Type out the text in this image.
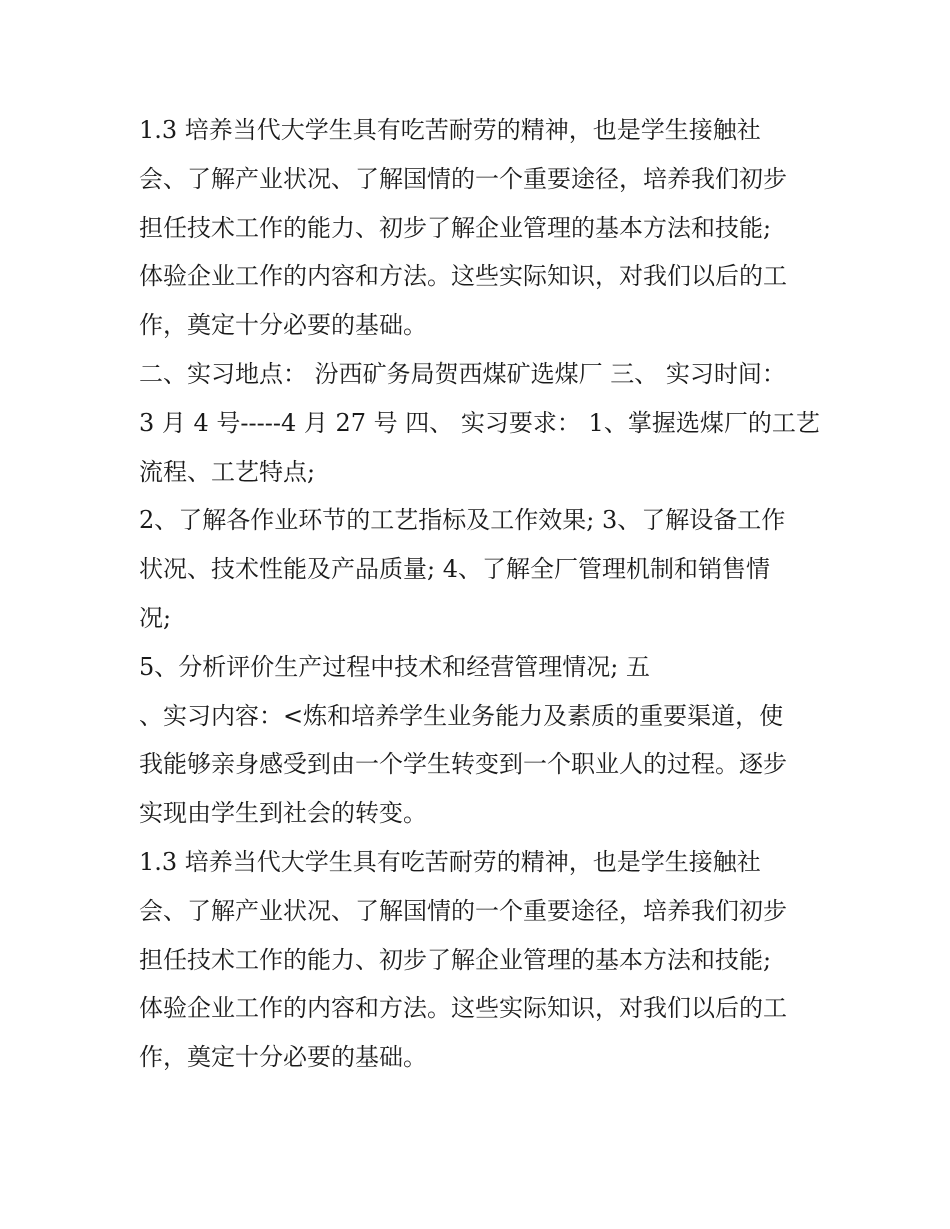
1.3 培养当代大学生具有吃苦耐劳的精神，也是学生接触社
会、了解产业状况、了解国情的一个重要途径，培养我们初步
担任技术工作的能力、初步了解企业管理的基本方法和技能;
体验企业工作的内容和方法。这些实际知识，对我们以后的工
作，奠定十分必要的基础。
二、实习地点： 汾西矿务局贺西煤矿选煤厂 三、 实习时间：
3 月 4 号-----4 月 27 号 四、 实习要求： 1、掌握选煤厂的工艺
流程、工艺特点;
2、了解各作业环节的工艺指标及工作效果; 3、了解设备工作
状况、技术性能及产品质量; 4、了解全厂管理机制和销售情
况;
5、分析评价生产过程中技术和经营管理情况; 五
、实习内容：<炼和培养学生业务能力及素质的重要渠道，使
我能够亲身感受到由一个学生转变到一个职业人的过程。逐步
实现由学生到社会的转变。
1.3 培养当代大学生具有吃苦耐劳的精神，也是学生接触社
会、了解产业状况、了解国情的一个重要途径，培养我们初步
担任技术工作的能力、初步了解企业管理的基本方法和技能;
体验企业工作的内容和方法。这些实际知识，对我们以后的工
作，奠定十分必要的基础。
